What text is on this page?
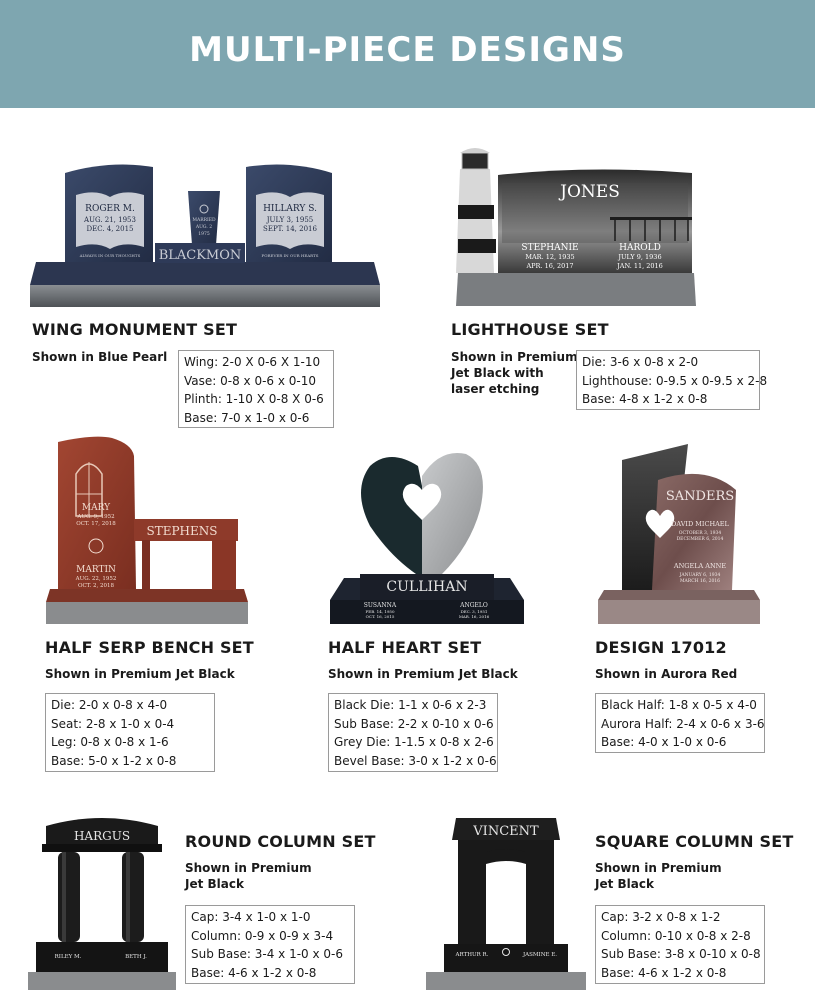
MULTI-PIECE DESIGNS
ROGER M.
AUG. 21, 1953
DEC. 4, 2015
ALWAYS IN OUR THOUGHTS
MARRIED
AUG. 2
1975
HILLARY S.
JULY 3, 1955
SEPT. 14, 2016
FOREVER IN OUR HEARTS
BLACKMON
WING MONUMENT SET
Shown in Blue Pearl Wing: 2-0 X 0-6 X 1-10
Vase: 0-8 x 0-6 x 0-10
Plinth: 1-10 X 0-8 X 0-6
Base: 7-0 x 1-0 x 0-6
JONES
STEPHANIE
MAR. 12, 1935
APR. 16, 2017
HAROLD
JULY 9, 1936
JAN. 11, 2016
LIGHTHOUSE SET
Shown in Premium
Jet Black with
laser etching
Die: 3-6 x 0-8 x 2-0
Lighthouse: 0-9.5 x 0-9.5 x 2-8
Base: 4-8 x 1-2 x 0-8
MARY
AUG. 9, 1952
OCT. 17, 2018
MARTIN
AUG. 22, 1952
OCT. 2, 2018
STEPHENS
HALF SERP BENCH SET
Shown in Premium Jet Black
Die: 2-0 x 0-8 x 4-0
Seat: 2-8 x 1-0 x 0-4
Leg: 0-8 x 0-8 x 1-6
Base: 5-0 x 1-2 x 0-8
CULLIHAN
SUSANNA
FEB. 14, 1950
OCT. 16, 2015
ANGELO
DEC. 3, 1951
MAR. 16, 2016
HALF HEART SET
Shown in Premium Jet Black
Black Die: 1-1 x 0-6 x 2-3
Sub Base: 2-2 x 0-10 x 0-6
Grey Die: 1-1.5 x 0-8 x 2-6
Bevel Base: 3-0 x 1-2 x 0-6
SANDERS
DAVID MICHAEL
OCTOBER 3, 1934
DECEMBER 6, 2014
ANGELA ANNE
JANUARY 6, 1934
MARCH 16, 2016
DESIGN 17012
Shown in Aurora Red
Black Half: 1-8 x 0-5 x 4-0
Aurora Half: 2-4 x 0-6 x 3-6
Base: 4-0 x 1-0 x 0-6
HARGUS
RILEY M.	BETH J.
ROUND COLUMN SET
Shown in Premium
Jet Black
Cap: 3-4 x 1-0 x 1-0
Column: 0-9 x 0-9 x 3-4
Sub Base: 3-4 x 1-0 x 0-6
Base: 4-6 x 1-2 x 0-8
VINCENT
ARTHUR R.	JASMINE E.
SQUARE COLUMN SET
Shown in Premium
Jet Black
Cap: 3-2 x 0-8 x 1-2
Column: 0-10 x 0-8 x 2-8
Sub Base: 3-8 x 0-10 x 0-8
Base: 4-6 x 1-2 x 0-8
